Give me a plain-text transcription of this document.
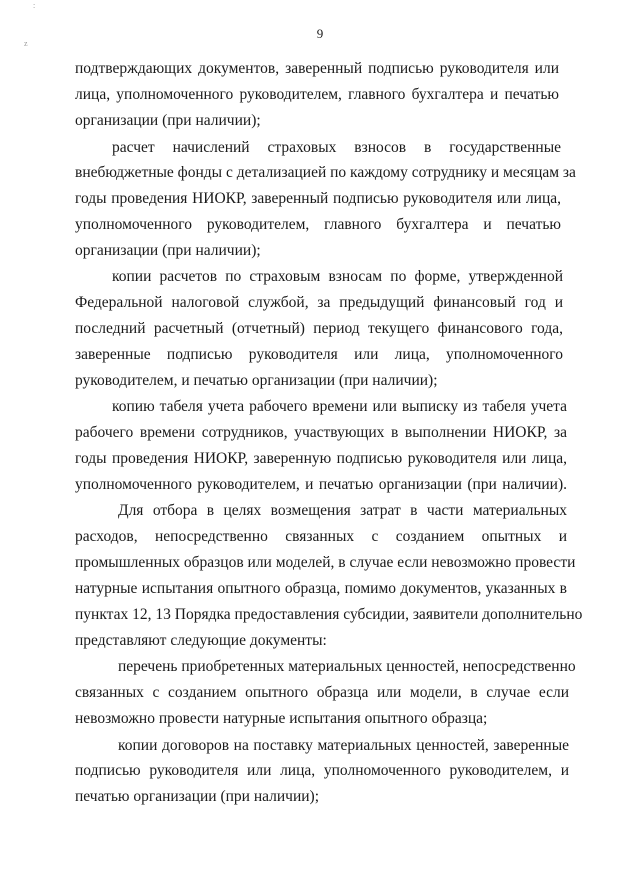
:
z
9
подтверждающих документов, заверенный подписью руководителя или
лица, уполномоченного руководителем, главного бухгалтера и печатью
организации (при наличии);
расчет начислений страховых взносов в государственные
внебюджетные фонды с детализацией по каждому сотруднику и месяцам за
годы проведения НИОКР, заверенный подписью руководителя или лица,
уполномоченного руководителем, главного бухгалтера и печатью
организации (при наличии);
копии расчетов по страховым взносам по форме, утвержденной
Федеральной налоговой службой, за предыдущий финансовый год и
последний расчетный (отчетный) период текущего финансового года,
заверенные подписью руководителя или лица, уполномоченного
руководителем, и печатью организации (при наличии);
копию табеля учета рабочего времени или выписку из табеля учета
рабочего времени сотрудников, участвующих в выполнении НИОКР, за
годы проведения НИОКР, заверенную подписью руководителя или лица,
уполномоченного руководителем, и печатью организации (при наличии).
Для отбора в целях возмещения затрат в части материальных
расходов, непосредственно связанных с созданием опытных и
промышленных образцов или моделей, в случае если невозможно провести
натурные испытания опытного образца, помимо документов, указанных в
пунктах 12, 13 Порядка предоставления субсидии, заявители дополнительно
представляют следующие документы:
перечень приобретенных материальных ценностей, непосредственно
связанных с созданием опытного образца или модели, в случае если
невозможно провести натурные испытания опытного образца;
копии договоров на поставку материальных ценностей, заверенные
подписью руководителя или лица, уполномоченного руководителем, и
печатью организации (при наличии);
